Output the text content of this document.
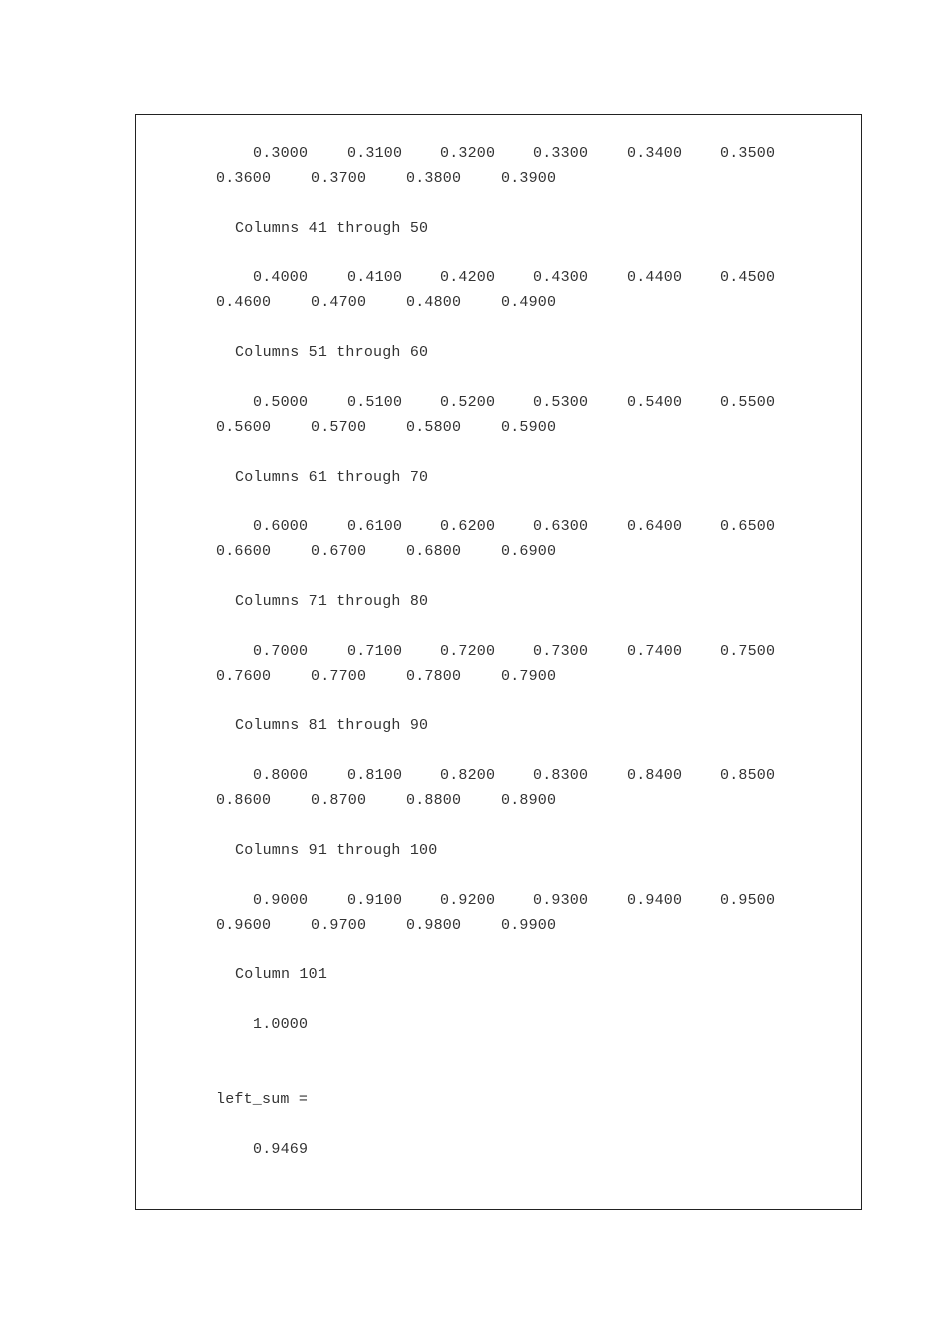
0.3000	0.3100	0.3200	0.3300	0.3400	0.3500
0.3600	0.3700	0.3800	0.3900
Columns 41 through 50
0.4000	0.4100	0.4200	0.4300	0.4400	0.4500
0.4600	0.4700	0.4800	0.4900
Columns 51 through 60
0.5000	0.5100	0.5200	0.5300	0.5400	0.5500
0.5600	0.5700	0.5800	0.5900
Columns 61 through 70
0.6000	0.6100	0.6200	0.6300	0.6400	0.6500
0.6600	0.6700	0.6800	0.6900
Columns 71 through 80
0.7000	0.7100	0.7200	0.7300	0.7400	0.7500
0.7600	0.7700	0.7800	0.7900
Columns 81 through 90
0.8000	0.8100	0.8200	0.8300	0.8400	0.8500
0.8600	0.8700	0.8800	0.8900
Columns 91 through 100
0.9000	0.9100	0.9200	0.9300	0.9400	0.9500
0.9600	0.9700	0.9800	0.9900
Column 101
1.0000
left_sum =
0.9469
